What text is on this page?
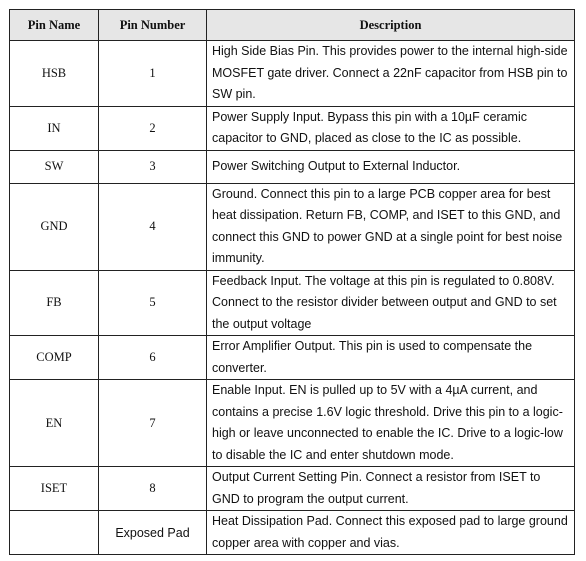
Pin Name	Pin Number	Description
HSB	1	High Side Bias Pin. This provides power to the internal high-side MOSFET gate driver. Connect a 22nF capacitor from HSB pin to SW pin.
IN	2	Power Supply Input. Bypass this pin with a 10µF ceramic capacitor to GND, placed as close to the IC as possible.
SW	3	Power Switching Output to External Inductor.
GND	4	Ground. Connect this pin to a large PCB copper area for best heat dissipation. Return FB, COMP, and ISET to this GND, and connect this GND to power GND at a single point for best noise immunity.
FB	5	Feedback Input. The voltage at this pin is regulated to 0.808V. Connect to the resistor divider between output and GND to set the output voltage
COMP	6	Error Amplifier Output. This pin is used to compensate the converter.
EN	7	Enable Input. EN is pulled up to 5V with a 4µA current, and contains a precise 1.6V logic threshold. Drive this pin to a logic-high or leave unconnected to enable the IC. Drive to a logic-low to disable the IC and enter shutdown mode.
ISET	8	Output Current Setting Pin. Connect a resistor from ISET to GND to program the output current.
	Exposed Pad	Heat Dissipation Pad. Connect this exposed pad to large ground copper area with copper and vias.
